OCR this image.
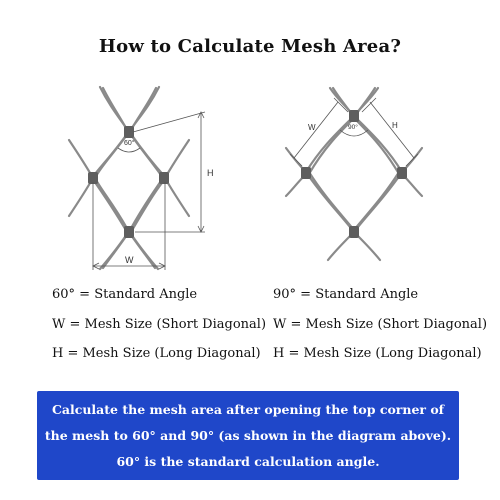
How to Calculate Mesh Area?
60°
H
W
90°
W	H
60° = Standard Angle
W = Mesh Size (Short Diagonal)
H = Mesh Size (Long Diagonal)
90° = Standard Angle
W = Mesh Size (Short Diagonal)
H = Mesh Size (Long Diagonal)
Calculate the mesh area after opening the top corner of
the mesh to 60° and 90° (as shown in the diagram above).
60° is the standard calculation angle.
